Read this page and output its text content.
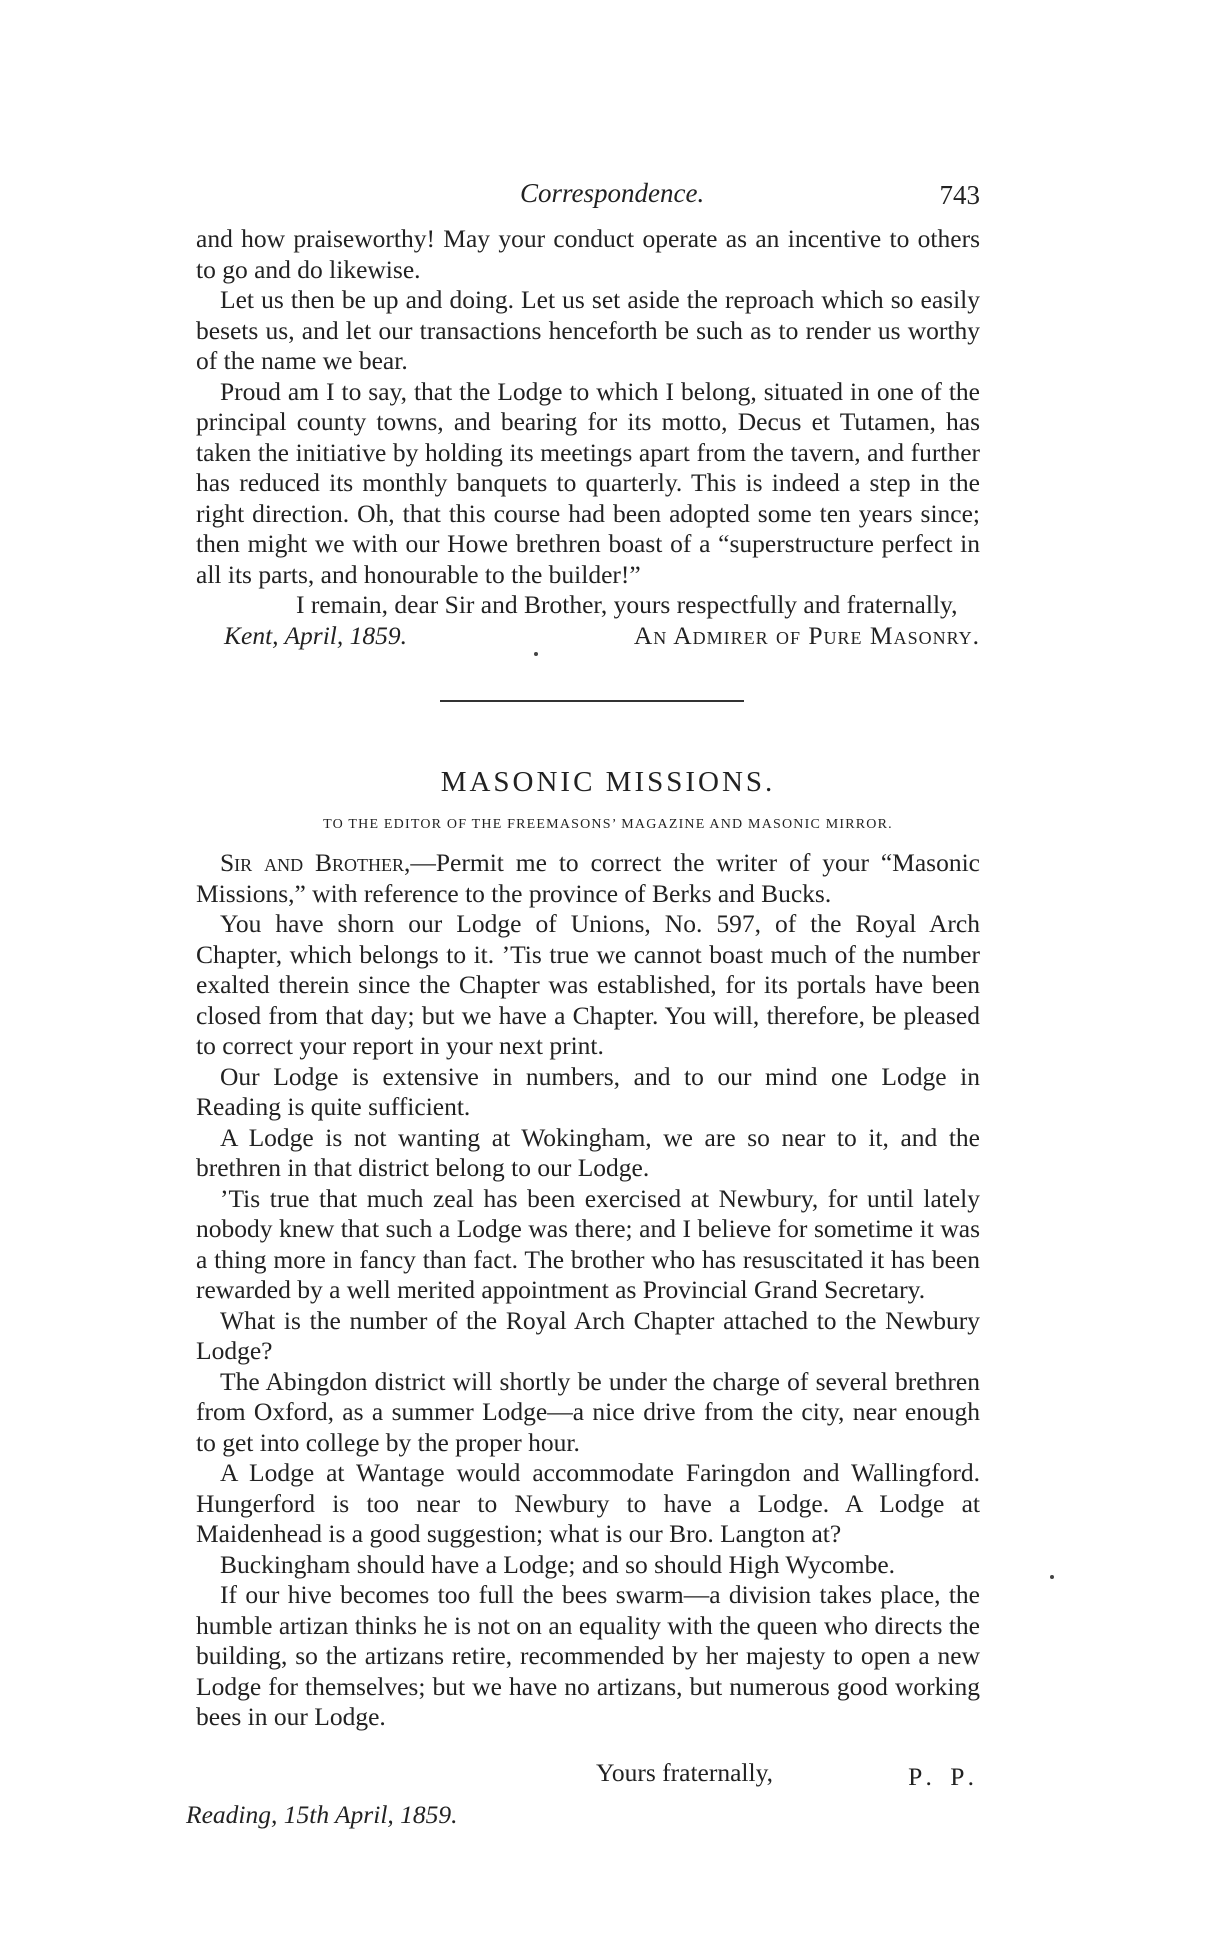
Correspondence.	743

and how praiseworthy! May your conduct operate as an incentive to others to go and do likewise.

Let us then be up and doing. Let us set aside the reproach which so easily besets us, and let our transactions henceforth be such as to render us worthy of the name we bear.

Proud am I to say, that the Lodge to which I belong, situated in one of the principal county towns, and bearing for its motto, Decus et Tutamen, has taken the initiative by holding its meetings apart from the tavern, and further has reduced its monthly banquets to quarterly. This is indeed a step in the right direction. Oh, that this course had been adopted some ten years since; then might we with our Howe brethren boast of a “superstructure perfect in all its parts, and honourable to the builder!”

I remain, dear Sir and Brother, yours respectfully and fraternally,

Kent, April, 1859.	An Admirer of Pure Masonry.
MASONIC MISSIONS.
TO THE EDITOR OF THE FREEMASONS’ MAGAZINE AND MASONIC MIRROR.

Sir and Brother,—Permit me to correct the writer of your “Masonic Missions,” with reference to the province of Berks and Bucks.

You have shorn our Lodge of Unions, No. 597, of the Royal Arch Chapter, which belongs to it. ’Tis true we cannot boast much of the number exalted therein since the Chapter was established, for its portals have been closed from that day; but we have a Chapter. You will, therefore, be pleased to correct your report in your next print.

Our Lodge is extensive in numbers, and to our mind one Lodge in Reading is quite sufficient.

A Lodge is not wanting at Wokingham, we are so near to it, and the brethren in that district belong to our Lodge.

’Tis true that much zeal has been exercised at Newbury, for until lately nobody knew that such a Lodge was there; and I believe for sometime it was a thing more in fancy than fact. The brother who has resuscitated it has been rewarded by a well merited appointment as Provincial Grand Secretary.

What is the number of the Royal Arch Chapter attached to the Newbury Lodge?

The Abingdon district will shortly be under the charge of several brethren from Oxford, as a summer Lodge—a nice drive from the city, near enough to get into college by the proper hour.

A Lodge at Wantage would accommodate Faringdon and Wallingford. Hungerford is too near to Newbury to have a Lodge. A Lodge at Maidenhead is a good suggestion; what is our Bro. Langton at?

Buckingham should have a Lodge; and so should High Wycombe.

If our hive becomes too full the bees swarm—a division takes place, the humble artizan thinks he is not on an equality with the queen who directs the building, so the artizans retire, recommended by her majesty to open a new Lodge for themselves; but we have no artizans, but numerous good working bees in our Lodge.

Yours fraternally,	P. P.
Reading, 15th April, 1859.
